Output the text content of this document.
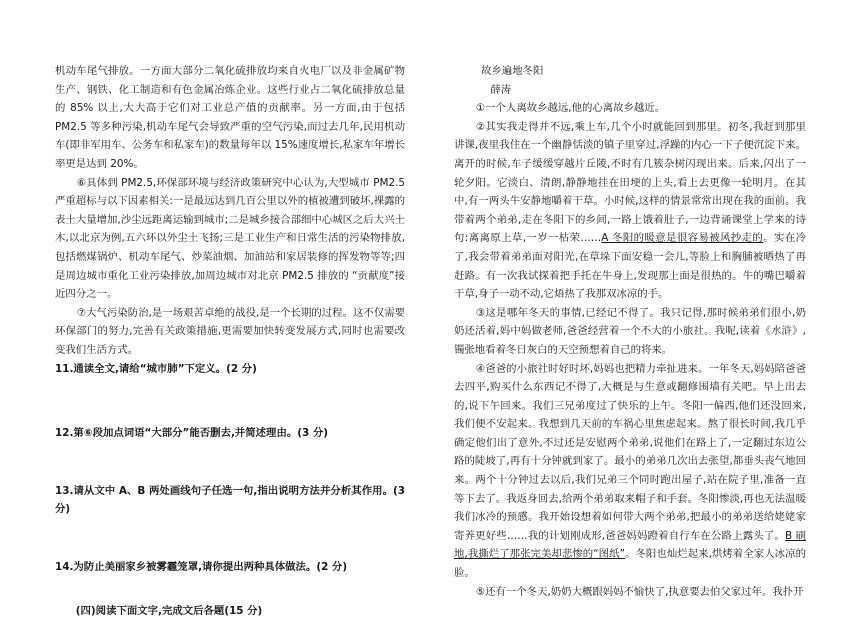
机动车尾气排放。一方面大部分二氧化硫排放均来自火电厂以及非金属矿物生产、钢铁、化工制造和有色金属冶炼企业。这些行业占二氧化硫排放总量的 85% 以上,大大高于它们对工业总产值的贡献率。另一方面,由于包括 PM2.5 等多种污染,机动车尾气会导致严重的空气污染,而过去几年,民用机动车(即非军用车、公务车和私家车)的数量每年以 15%速度增长,私家车年增长率更是达到 20%。

⑥具体到 PM2.5,环保部环境与经济政策研究中心认为,大型城市 PM2.5 严重超标与以下因素相关:一是最远达到几百公里以外的植被遭到破坏,裸露的表土大量增加,沙尘远距离运输到城市;二是城乡接合部细中心城区之后大兴土木,以北京为例,五六环以外尘土飞扬;三是工业生产和日常生活的污染物排放,包括燃煤锅炉、机动车尾气、炒菜油烟、加油站和家居装修的挥发物等等;四是周边城市重化工业污染排放,加周边城市对北京 PM2.5 排放的 “贡献度”接近四分之一。

⑦大气污染防治,是一场艰苦卓绝的战役,是一个长期的过程。这不仅需要环保部门的努力,完善有关政策措施,更需要加快转变发展方式,同时也需要改变我们生活方式。

11.通读全文,请给“城市肺”下定义。(2 分)

12.第⑥段加点词语“大部分”能否删去,并简述理由。(3 分)

13.请从文中 A、B 两处画线句子任选一句,指出说明方法并分析其作用。(3 分)

14.为防止美丽家乡被雾霾笼罩,请你提出两种具体做法。(2 分)

(四)阅读下面文字,完成文后各题(15 分)

故乡遍地冬阳

薛涛

①一个人离故乡越远,他的心离故乡越近。

②其实我走得并不远,乘上车,几个小时就能回到那里。初冬,我赶到那里讲课,夜里我住在一个幽静恬淡的镇子里穿过,浮躁的内心一下子便沉淀下来。离开的时候,车子缓缓穿越片丘陵,不时有几簇杂树闪现出来。后来,闪出了一轮夕阳。它淡白、清朗,静静地挂在田埂的上头,看上去更像一轮明月。在其中,有一两头牛安静地嚼着干草。小时候,这样的情景常常出现在我的面前。我带着两个弟弟,走在冬阳下的乡间,一路上饿着肚子,一边背诵课堂上学来的诗句:离离原上草,一岁一枯荣……A 冬阳的暖意是很容易被风抄走的。实在冷了,我会带着弟弟面对阳光,在草垛下面安稳一会儿,等脸上和胸脯被晒热了再赶路。有一次我试探着把手托在牛身上,发现那上面是很热的。牛的嘴巴嚼着干草,身子一动不动,它焐热了我那双冰凉的手。

③这是哪年冬天的事情,已经记不得了。我只记得,那时候弟弟们很小,奶奶还活着,妈中妈做老师,爸爸经营着一个不大的小旅社。我呢,读着《水浒》,镯张地看着冬日灰白的天空预想着自己的将来。

④爸爸的小旅社时好时坏,妈妈也把精力牵扯进来。一年冬天,妈妈陪爸爸去四平,购买什么东西记不得了,大概是与生意或翻修围墙有关吧。早上出去的,说下午回来。我们三兄弟度过了快乐的上午。冬阳一偏西,他们还没回来,我们便不安起来。我想到几天前的车祸心里焦虑起来。熬了很长时间,我几乎确定他们出了意外,不过还是安慰两个弟弟,说他们在路上了,一定翻过东边公路的陡坡了,再有十分钟就到家了。最小的弟弟几次出去张望,都垂头丧气地回来。两个十分钟过去以后,我们兄弟三个同时跑出屋子,站在院子里,准备一直等下去了。我返身回去,给两个弟弟取来帽子和手套。冬阳惨淡,再也无法温暖我们冰冷的预感。我开始设想着如何带大两个弟弟,把最小的弟弟送给姥姥家寄养更好些……我的计划刚成形,爸爸妈妈蹬着自行车在公路上露头了。B 刷地,我撕烂了那张完美却悲惨的“图纸”。冬阳也灿烂起来,烘烤着全家人冰凉的脸。

⑤还有一个冬天,奶奶大概跟妈妈不愉快了,执意要去伯父家过年。我扑开
